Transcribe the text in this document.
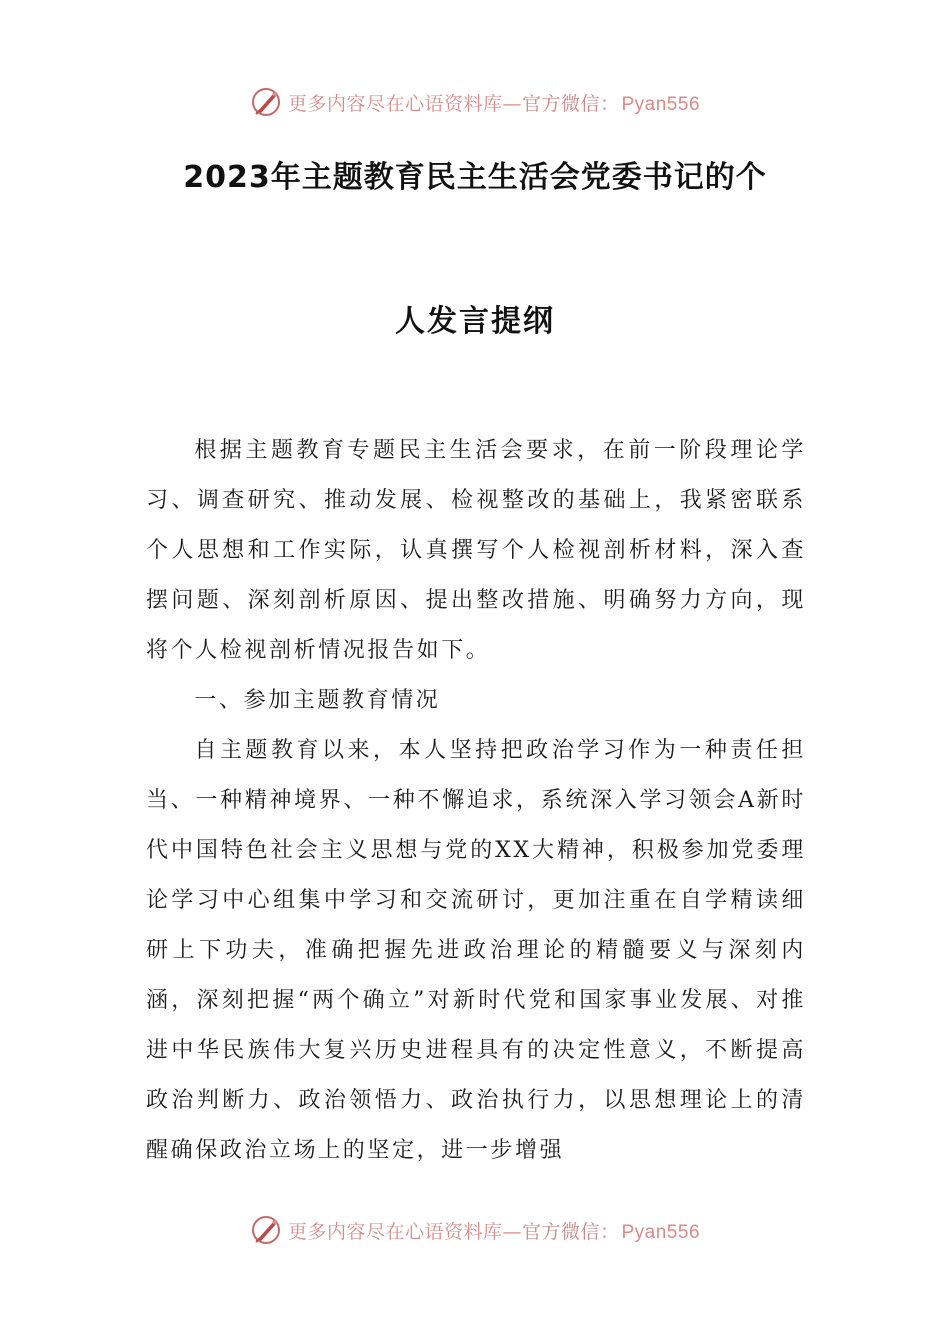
更多内容尽在心语资料库—官方微信： Pyan556
2023年主题教育民主生活会党委书记的个
人发言提纲

根据主题教育专题民主生活会要求，在前一阶段理论学习、调查研究、推动发展、检视整改的基础上，我紧密联系个人思想和工作实际，认真撰写个人检视剖析材料，深入查摆问题、深刻剖析原因、提出整改措施、明确努力方向，现将个人检视剖析情况报告如下。

一、参加主题教育情况

自主题教育以来，本人坚持把政治学习作为一种责任担当、一种精神境界、一种不懈追求，系统深入学习领会A新时代中国特色社会主义思想与党的XX大精神，积极参加党委理论学习中心组集中学习和交流研讨，更加注重在自学精读细研上下功夫，准确把握先进政治理论的精髓要义与深刻内涵，深刻把握“两个确立”对新时代党和国家事业发展、对推进中华民族伟大复兴历史进程具有的决定性意义，不断提高政治判断力、政治领悟力、政治执行力，以思想理论上的清醒确保政治立场上的坚定，进一步增强

更多内容尽在心语资料库—官方微信： Pyan556
